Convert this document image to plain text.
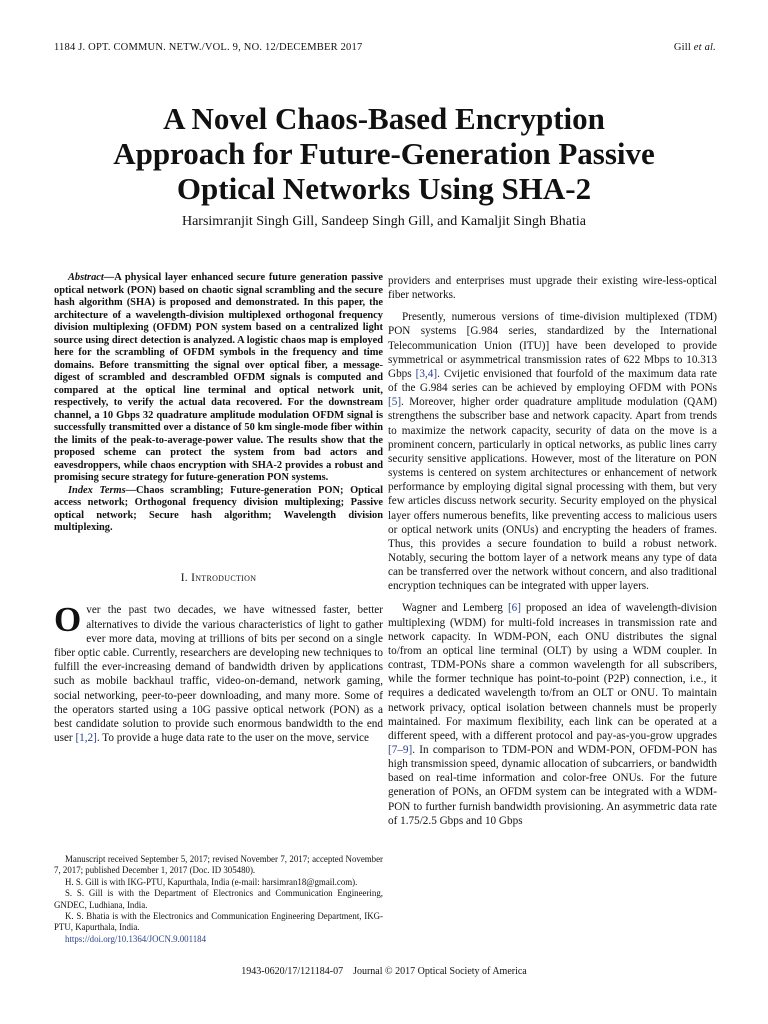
1184 J. OPT. COMMUN. NETW./VOL. 9, NO. 12/DECEMBER 2017	Gill et al.
A Novel Chaos-Based Encryption
Approach for Future-Generation Passive
Optical Networks Using SHA-2

Harsimranjit Singh Gill, Sandeep Singh Gill, and Kamaljit Singh Bhatia

Abstract—A physical layer enhanced secure future generation passive optical network (PON) based on chaotic signal scrambling and the secure hash algorithm (SHA) is proposed and demonstrated. In this paper, the architecture of a wavelength-division multiplexed orthogonal frequency division multiplexing (OFDM) PON system based on a centralized light source using direct detection is analyzed. A logistic chaos map is employed here for the scrambling of OFDM symbols in the frequency and time domains. Before transmitting the signal over optical fiber, a message-digest of scrambled and descrambled OFDM signals is computed and compared at the optical line terminal and optical network unit, respectively, to verify the actual data recovered. For the downstream channel, a 10 Gbps 32 quadrature amplitude modulation OFDM signal is successfully transmitted over a distance of 50 km single-mode fiber within the limits of the peak-to-average-power value. The results show that the proposed scheme can protect the system from bad actors and eavesdroppers, while chaos encryption with SHA-2 provides a robust and promising secure strategy for future-generation PON systems.

Index Terms—Chaos scrambling; Future-generation PON; Optical access network; Orthogonal frequency division multiplexing; Passive optical network; Secure hash algorithm; Wavelength division multiplexing.

I. Introduction

Over the past two decades, we have witnessed faster, better alternatives to divide the various characteristics of light to gather ever more data, moving at trillions of bits per second on a single fiber optic cable. Currently, researchers are developing new techniques to fulfill the ever-increasing demand of bandwidth driven by applications such as mobile backhaul traffic, video-on-demand, network gaming, social networking, peer-to-peer downloading, and many more. Some of the operators started using a 10G passive optical network (PON) as a best candidate solution to provide such enormous bandwidth to the end user [1,2]. To provide a huge data rate to the user on the move, service

providers and enterprises must upgrade their existing wire-less-optical fiber networks.

Presently, numerous versions of time-division multiplexed (TDM) PON systems [G.984 series, standardized by the International Telecommunication Union (ITU)] have been developed to provide symmetrical or asymmetrical transmission rates of 622 Mbps to 10.313 Gbps [3,4]. Cvijetic envisioned that fourfold of the maximum data rate of the G.984 series can be achieved by employing OFDM with PONs [5]. Moreover, higher order quadrature amplitude modulation (QAM) strengthens the subscriber base and network capacity. Apart from trends to maximize the network capacity, security of data on the move is a prominent concern, particularly in optical networks, as public lines carry security sensitive applications. However, most of the literature on PON systems is centered on system architectures or enhancement of network performance by employing digital signal processing with them, but very few articles discuss network security. Security employed on the physical layer offers numerous benefits, like preventing access to malicious users or optical network units (ONUs) and encrypting the headers of frames. Thus, this provides a secure foundation to build a robust network. Notably, securing the bottom layer of a network means any type of data can be transferred over the network without concern, and also traditional encryption techniques can be integrated with upper layers.

Wagner and Lemberg [6] proposed an idea of wavelength-division multiplexing (WDM) for multi-fold increases in transmission rate and network capacity. In WDM-PON, each ONU distributes the signal to/from an optical line terminal (OLT) by using a WDM coupler. In contrast, TDM-PONs share a common wavelength for all subscribers, while the former technique has point-to-point (P2P) connection, i.e., it requires a dedicated wavelength to/from an OLT or ONU. To maintain network privacy, optical isolation between channels must be properly maintained. For maximum flexibility, each link can be operated at a different speed, with a different protocol and pay-as-you-grow upgrades [7–9]. In comparison to TDM-PON and WDM-PON, OFDM-PON has high transmission speed, dynamic allocation of subcarriers, or bandwidth based on real-time information and color-free ONUs. For the future generation of PONs, an OFDM system can be integrated with a WDM-PON to further furnish bandwidth provisioning. An asymmetric data rate of 1.75/2.5 Gbps and 10 Gbps

Manuscript received September 5, 2017; revised November 7, 2017; accepted November 7, 2017; published December 1, 2017 (Doc. ID 305480).

H. S. Gill is with IKG-PTU, Kapurthala, India (e-mail: harsimran18@gmail.com).

S. S. Gill is with the Department of Electronics and Communication Engineering, GNDEC, Ludhiana, India.

K. S. Bhatia is with the Electronics and Communication Engineering Department, IKG-PTU, Kapurthala, India.

https://doi.org/10.1364/JOCN.9.001184

1943-0620/17/121184-07    Journal © 2017 Optical Society of America
